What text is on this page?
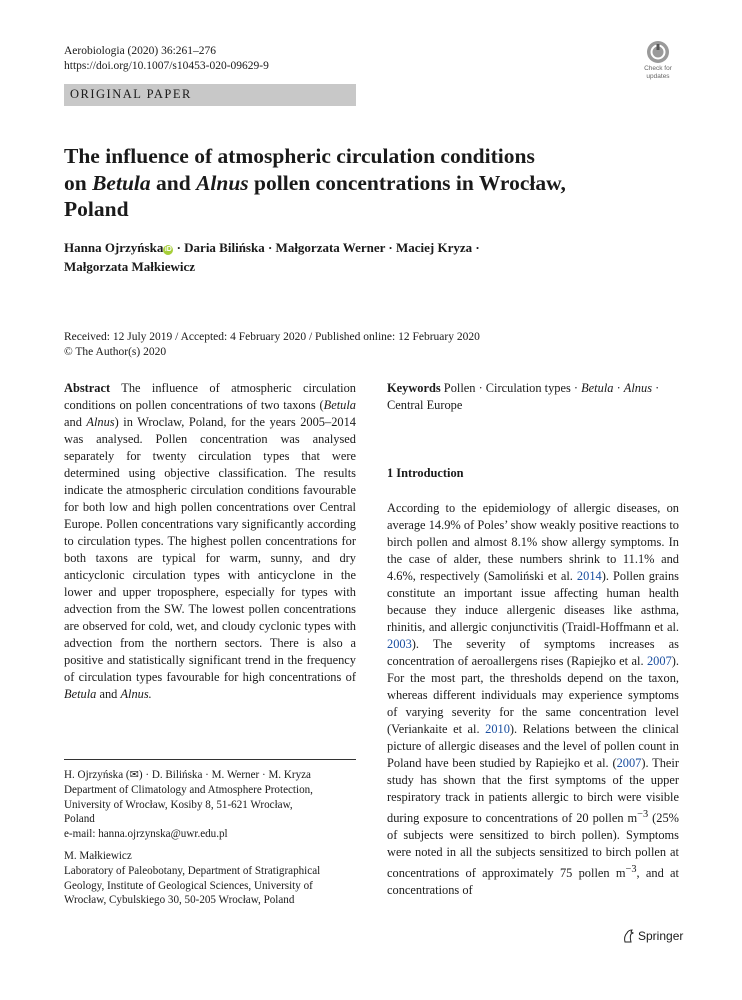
Aerobiologia (2020) 36:261–276
https://doi.org/10.1007/s10453-020-09629-9	Check for
updates
ORIGINAL PAPER
The influence of atmospheric circulation conditions
on Betula and Alnus pollen concentrations in Wrocław,
Poland
Hanna Ojrzyńska iD · Daria Bilińska · Małgorzata Werner · Maciej Kryza ·
Małgorzata Małkiewicz
Received: 12 July 2019 / Accepted: 4 February 2020 / Published online: 12 February 2020
© The Author(s) 2020
Abstract The influence of atmospheric circulation conditions on pollen concentrations of two taxons (Betula and Alnus) in Wroclaw, Poland, for the years 2005–2014 was analysed. Pollen concentration was analysed separately for twenty circulation types that were determined using objective classification. The results indicate the atmospheric circulation conditions favourable for both low and high pollen concentrations over Central Europe. Pollen concentrations vary significantly according to circulation types. The highest pollen concentrations for both taxons are typical for warm, sunny, and dry anticyclonic circulation types with anticyclone in the lower and upper troposphere, especially for types with advection from the SW. The lowest pollen concentrations are observed for cold, wet, and cloudy cyclonic types with advection from the northern sectors. There is also a positive and statistically significant trend in the frequency of circulation types favourable for high concentrations of Betula and Alnus.
Keywords Pollen · Circulation types · Betula · Alnus · Central Europe
1 Introduction
According to the epidemiology of allergic diseases, on average 14.9% of Poles’ show weakly positive reactions to birch pollen and almost 8.1% show allergy symptoms. In the case of alder, these numbers shrink to 11.1% and 4.6%, respectively (Samoliński et al. 2014). Pollen grains constitute an important issue affecting human health because they induce allergenic diseases like asthma, rhinitis, and allergic conjunctivitis (Traidl-Hoffmann et al. 2003). The severity of symptoms increases as concentration of aeroallergens rises (Rapiejko et al. 2007). For the most part, the thresholds depend on the taxon, whereas different individuals may experience symptoms of varying severity for the same concentration level (Veriankaite et al. 2010). Relations between the clinical picture of allergic diseases and the level of pollen count in Poland have been studied by Rapiejko et al. (2007). Their study has shown that the first symptoms of the upper respiratory track in patients allergic to birch were visible during exposure to concentrations of 20 pollen $m^{-3}$ (25% of subjects were sensitized to birch pollen). Symptoms were noted in all the subjects sensitized to birch pollen at concentrations of approximately 75 pollen $m^{-3}$, and at concentrations of
H. Ojrzyńska (✉) · D. Bilińska · M. Werner · M. Kryza
Department of Climatology and Atmosphere Protection,
University of Wrocław, Kosiby 8, 51-621 Wrocław,
Poland
e-mail: hanna.ojrzynska@uwr.edu.pl
M. Małkiewicz
Laboratory of Paleobotany, Department of Stratigraphical
Geology, Institute of Geological Sciences, University of
Wrocław, Cybulskiego 30, 50-205 Wrocław, Poland
Springer
